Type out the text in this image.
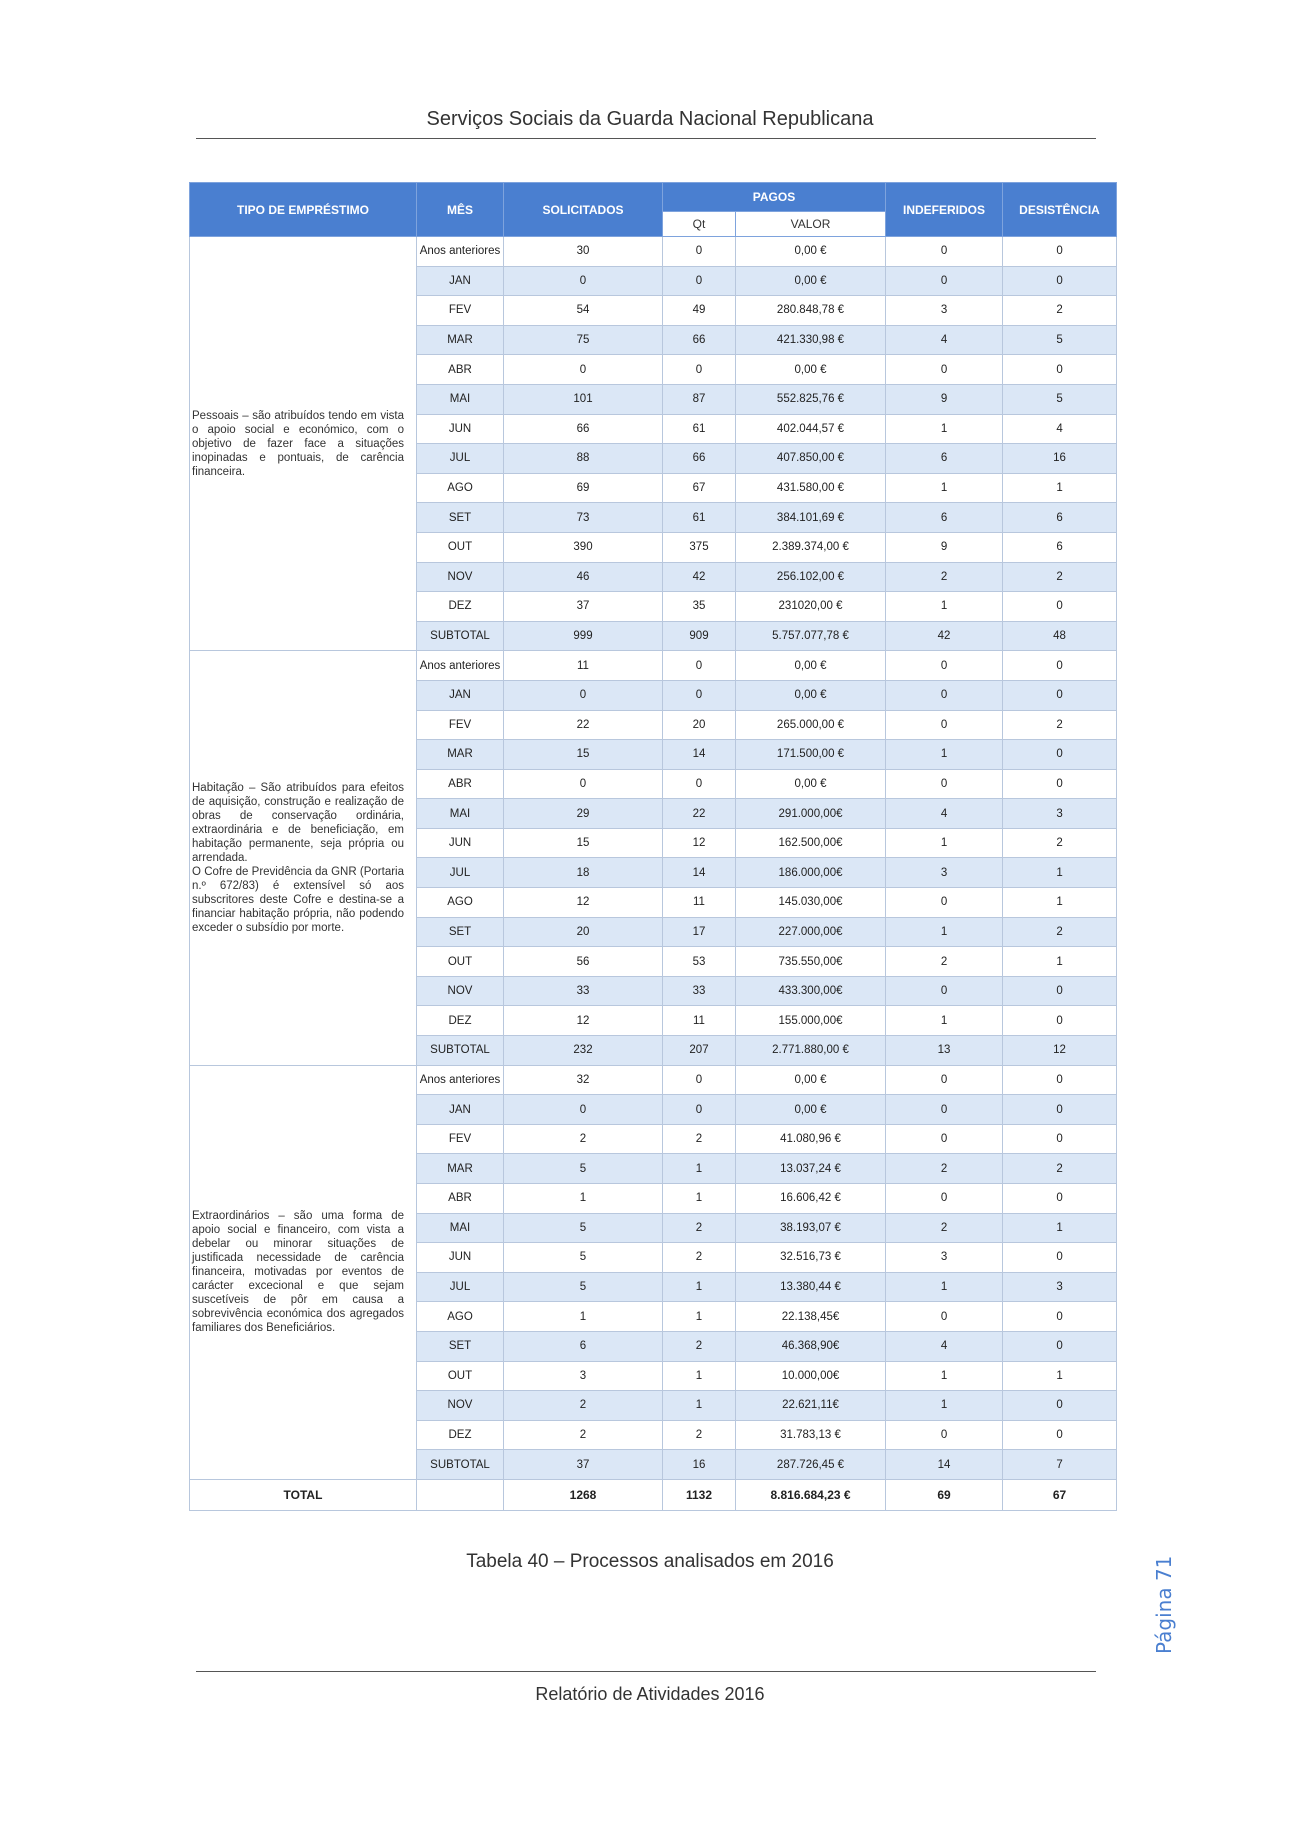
Serviços Sociais da Guarda Nacional Republicana
TIPO DE EMPRÉSTIMO	MÊS	SOLICITADOS	PAGOS		INDEFERIDOS	DESISTÊNCIA
			Qt	VALOR		

Pessoais – são atribuídos tendo em vista o apoio social e económico, com o objetivo de fazer face a situações inopinadas e pontuais, de carência financeira.	Anos anteriores	30	0	0,00 €	0	0
	JAN	0	0	0,00 €	0	0
	FEV	54	49	280.848,78 €	3	2
	MAR	75	66	421.330,98 €	4	5
	ABR	0	0	0,00 €	0	0
	MAI	101	87	552.825,76 €	9	5
	JUN	66	61	402.044,57 €	1	4
	JUL	88	66	407.850,00 €	6	16
	AGO	69	67	431.580,00 €	1	1
	SET	73	61	384.101,69 €	6	6
	OUT	390	375	2.389.374,00 €	9	6
	NOV	46	42	256.102,00 €	2	2
	DEZ	37	35	231020,00 €	1	0
	SUBTOTAL	999	909	5.757.077,78 €	42	48

Habitação – São atribuídos para efeitos de aquisição, construção e realização de obras de conservação ordinária, extraordinária e de beneficiação, em habitação permanente, seja própria ou arrendada.

O Cofre de Previdência da GNR (Portaria n.º 672/83) é extensível só aos subscritores deste Cofre e destina-se a financiar habitação própria, não podendo exceder o subsídio por morte.	Anos anteriores	11	0	0,00 €	0	0
	JAN	0	0	0,00 €	0	0
	FEV	22	20	265.000,00 €	0	2
	MAR	15	14	171.500,00 €	1	0
	ABR	0	0	0,00 €	0	0
	MAI	29	22	291.000,00€	4	3
	JUN	15	12	162.500,00€	1	2
	JUL	18	14	186.000,00€	3	1
	AGO	12	11	145.030,00€	0	1
	SET	20	17	227.000,00€	1	2
	OUT	56	53	735.550,00€	2	1
	NOV	33	33	433.300,00€	0	0
	DEZ	12	11	155.000,00€	1	0
	SUBTOTAL	232	207	2.771.880,00 €	13	12

Extraordinários – são uma forma de apoio social e financeiro, com vista a debelar ou minorar situações de justificada necessidade de carência financeira, motivadas por eventos de carácter excecional e que sejam suscetíveis de pôr em causa a sobrevivência económica dos agregados familiares dos Beneficiários.	Anos anteriores	32	0	0,00 €	0	0
	JAN	0	0	0,00 €	0	0
	FEV	2	2	41.080,96 €	0	0
	MAR	5	1	13.037,24 €	2	2
	ABR	1	1	16.606,42 €	0	0
	MAI	5	2	38.193,07 €	2	1
	JUN	5	2	32.516,73 €	3	0
	JUL	5	1	13.380,44 €	1	3
	AGO	1	1	22.138,45€	0	0
	SET	6	2	46.368,90€	4	0
	OUT	3	1	10.000,00€	1	1
	NOV	2	1	22.621,11€	1	0
	DEZ	2	2	31.783,13 €	0	0
	SUBTOTAL	37	16	287.726,45 €	14	7
TOTAL		1268	1132	8.816.684,23 €	69	67
Tabela 40 – Processos analisados em 2016
Relatório de Atividades 2016
Página 71
